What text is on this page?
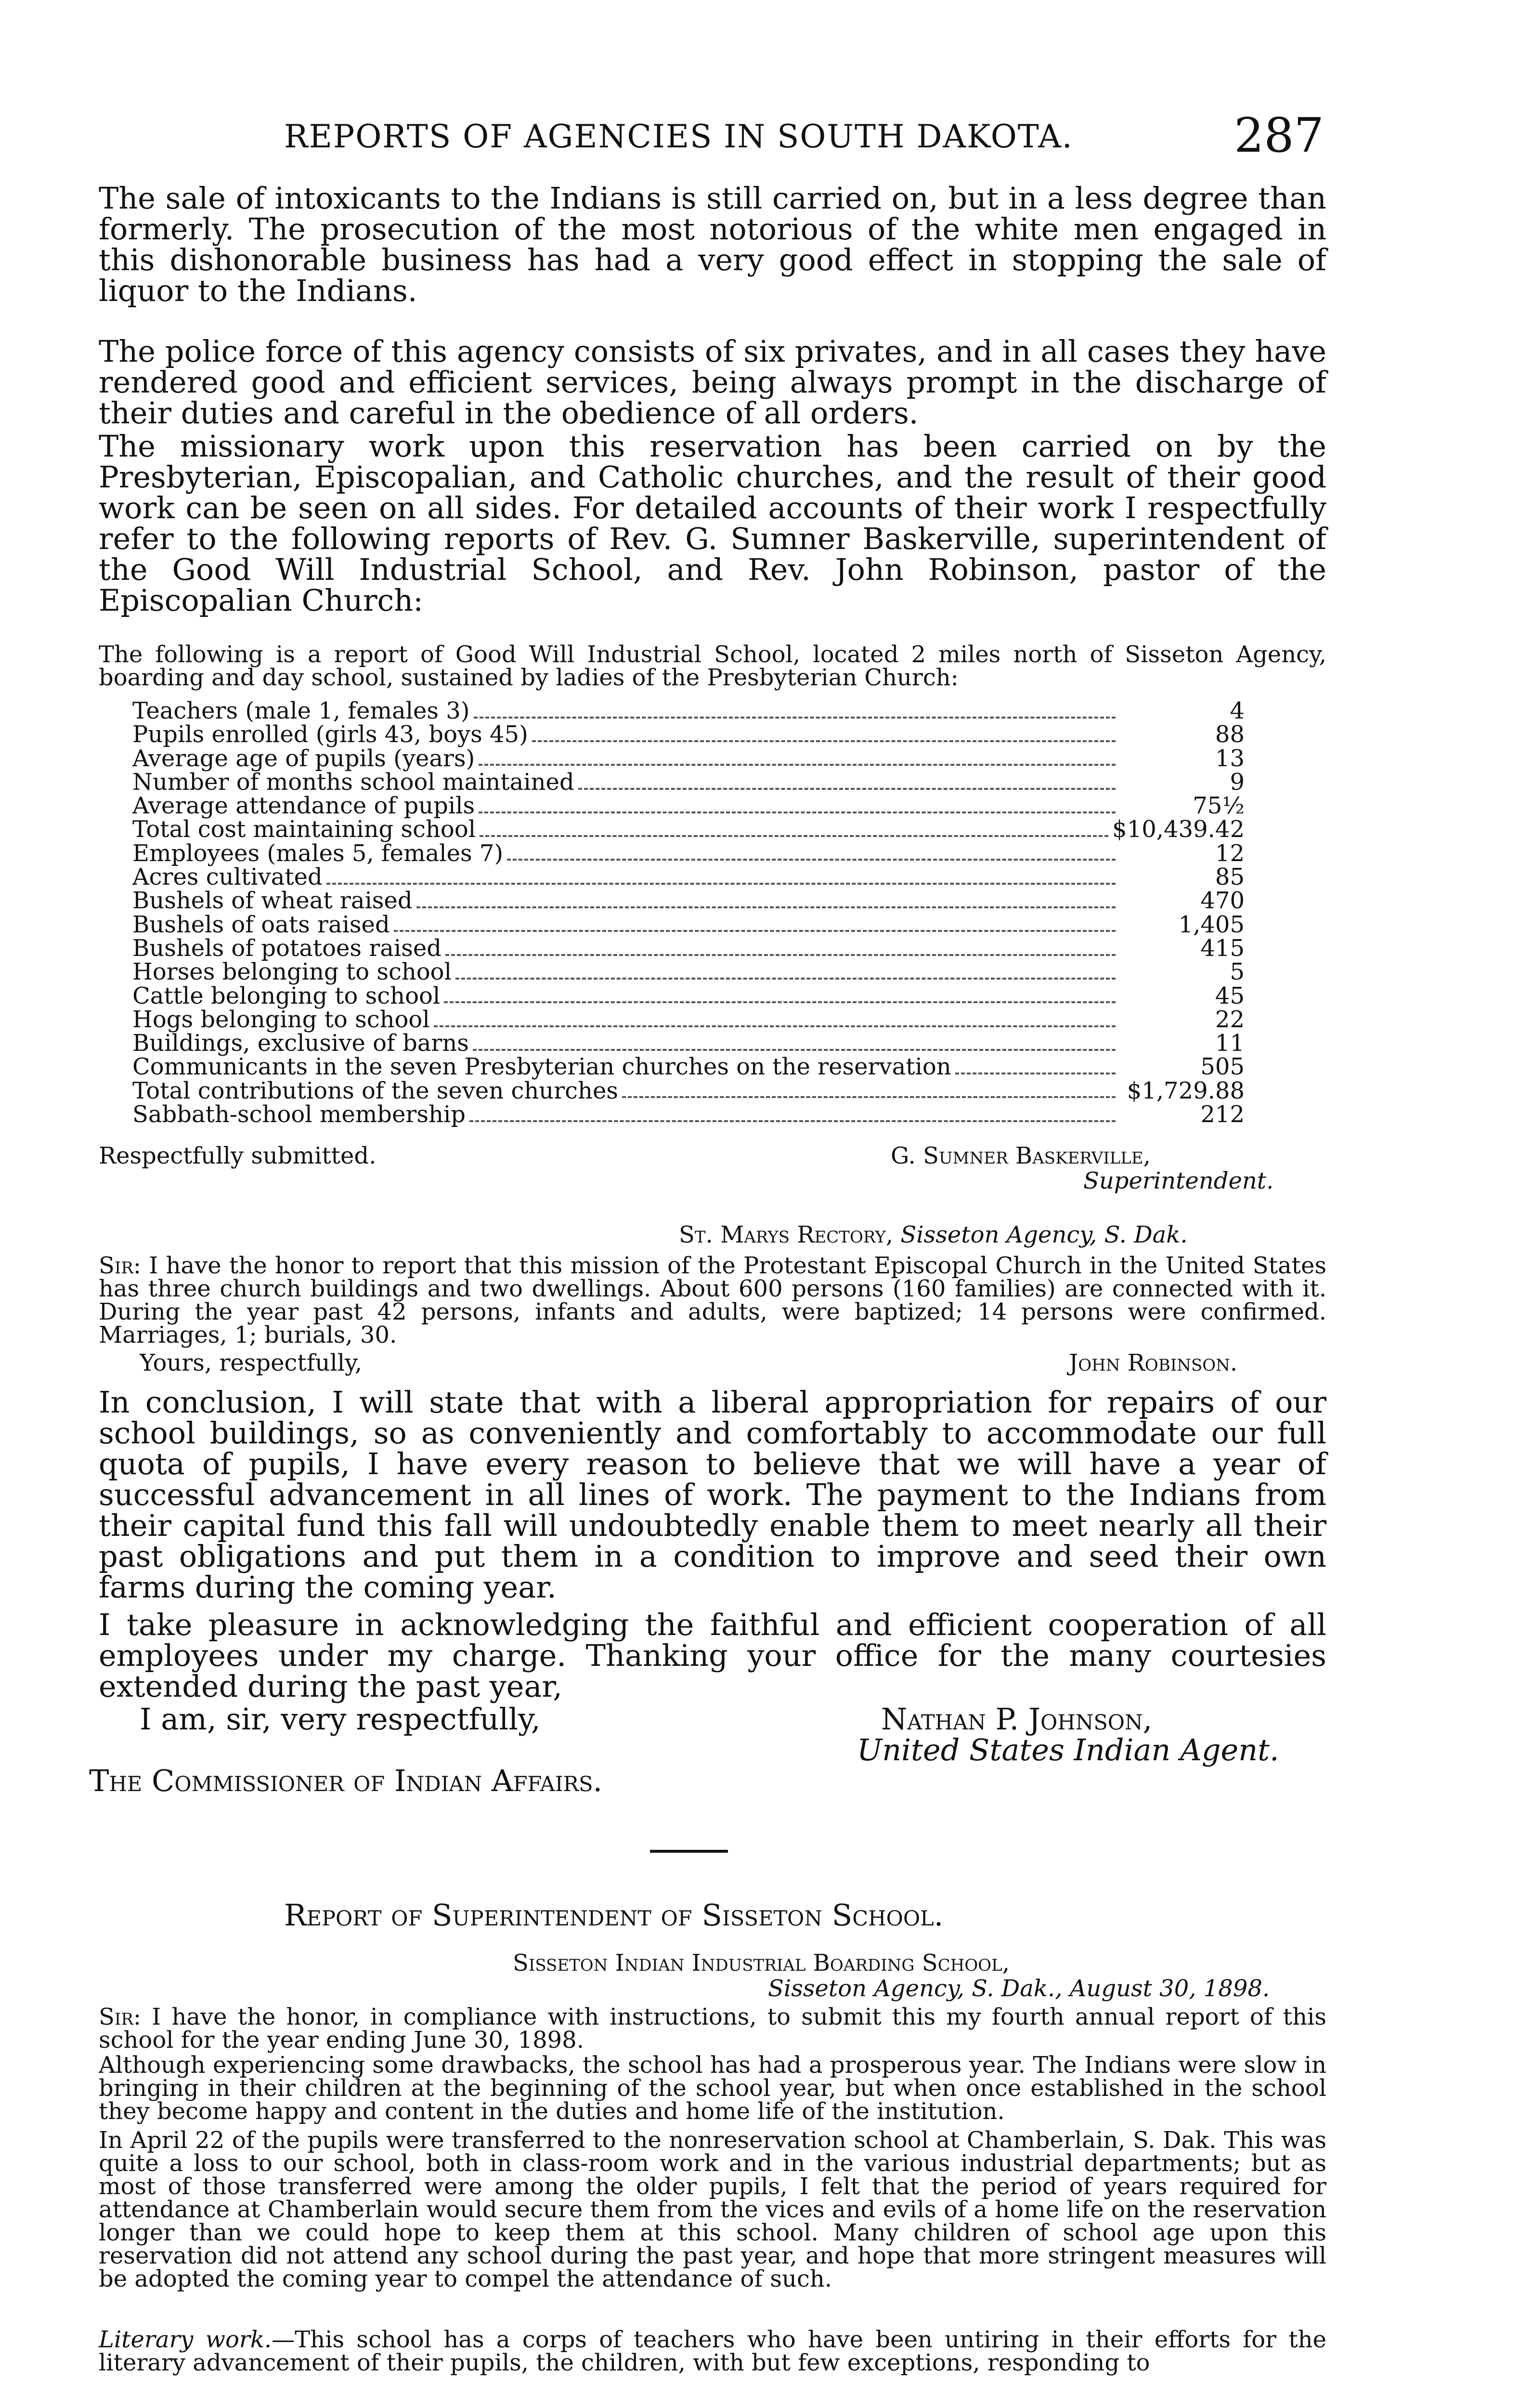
REPORTS OF AGENCIES IN SOUTH DAKOTA.	287

The sale of intoxicants to the Indians is still carried on, but in a less degree than formerly. The prosecution of the most notorious of the white men engaged in this dishonorable business has had a very good effect in stopping the sale of liquor to the Indians.

The police force of this agency consists of six privates, and in all cases they have rendered good and efficient services, being always prompt in the discharge of their duties and careful in the obedience of all orders.

The missionary work upon this reservation has been carried on by the Presbyterian, Episcopalian, and Catholic churches, and the result of their good work can be seen on all sides. For detailed accounts of their work I respectfully refer to the following reports of Rev. G. Sumner Baskerville, superintendent of the Good Will Industrial School, and Rev. John Robinson, pastor of the Episcopalian Church:

The following is a report of Good Will Industrial School, located 2 miles north of Sisseton Agency, boarding and day school, sustained by ladies of the Presbyterian Church:

Teachers (male 1, females 3)	4
Pupils enrolled (girls 43, boys 45)	88
Average age of pupils (years)	13
Number of months school maintained	9
Average attendance of pupils	75½
Total cost maintaining school	$10,439.42
Employees (males 5, females 7)	12
Acres cultivated	85
Bushels of wheat raised	470
Bushels of oats raised	1,405
Bushels of potatoes raised	415
Horses belonging to school	5
Cattle belonging to school	45
Hogs belonging to school	22
Buildings, exclusive of barns	11
Communicants in the seven Presbyterian churches on the reservation	505
Total contributions of the seven churches	$1,729.88
Sabbath-school membership	212
Respectfully submitted.	G. Sumner Baskerville,
Superintendent.
St. Marys Rectory, Sisseton Agency, S. Dak.

Sir: I have the honor to report that this mission of the Protestant Episcopal Church in the United States has three church buildings and two dwellings. About 600 persons (160 families) are connected with it. During the year past 42 persons, infants and adults, were baptized; 14 persons were confirmed. Marriages, 1; burials, 30.

Yours, respectfully,	John Robinson.

In conclusion, I will state that with a liberal appropriation for repairs of our school buildings, so as conveniently and comfortably to accommodate our full quota of pupils, I have every reason to believe that we will have a year of successful advancement in all lines of work. The payment to the Indians from their capital fund this fall will undoubtedly enable them to meet nearly all their past obligations and put them in a condition to improve and seed their own farms during the coming year.

I take pleasure in acknowledging the faithful and efficient cooperation of all employees under my charge. Thanking your office for the many courtesies extended during the past year,

I am, sir, very respectfully,	Nathan P. Johnson,
United States Indian Agent.
The Commissioner of Indian Affairs.
Report of Superintendent of Sisseton School.
Sisseton Indian Industrial Boarding School,
Sisseton Agency, S. Dak., August 30, 1898.

Sir: I have the honor, in compliance with instructions, to submit this my fourth annual report of this school for the year ending June 30, 1898.

Although experiencing some drawbacks, the school has had a prosperous year. The Indians were slow in bringing in their children at the beginning of the school year, but when once established in the school they become happy and content in the duties and home life of the institution.

In April 22 of the pupils were transferred to the nonreservation school at Chamberlain, S. Dak. This was quite a loss to our school, both in class-room work and in the various industrial departments; but as most of those transferred were among the older pupils, I felt that the period of years required for attendance at Chamberlain would secure them from the vices and evils of a home life on the reservation longer than we could hope to keep them at this school. Many children of school age upon this reservation did not attend any school during the past year, and hope that more stringent measures will be adopted the coming year to compel the attendance of such.

Literary work.—This school has a corps of teachers who have been untiring in their efforts for the literary advancement of their pupils, the children, with but few exceptions, responding to
